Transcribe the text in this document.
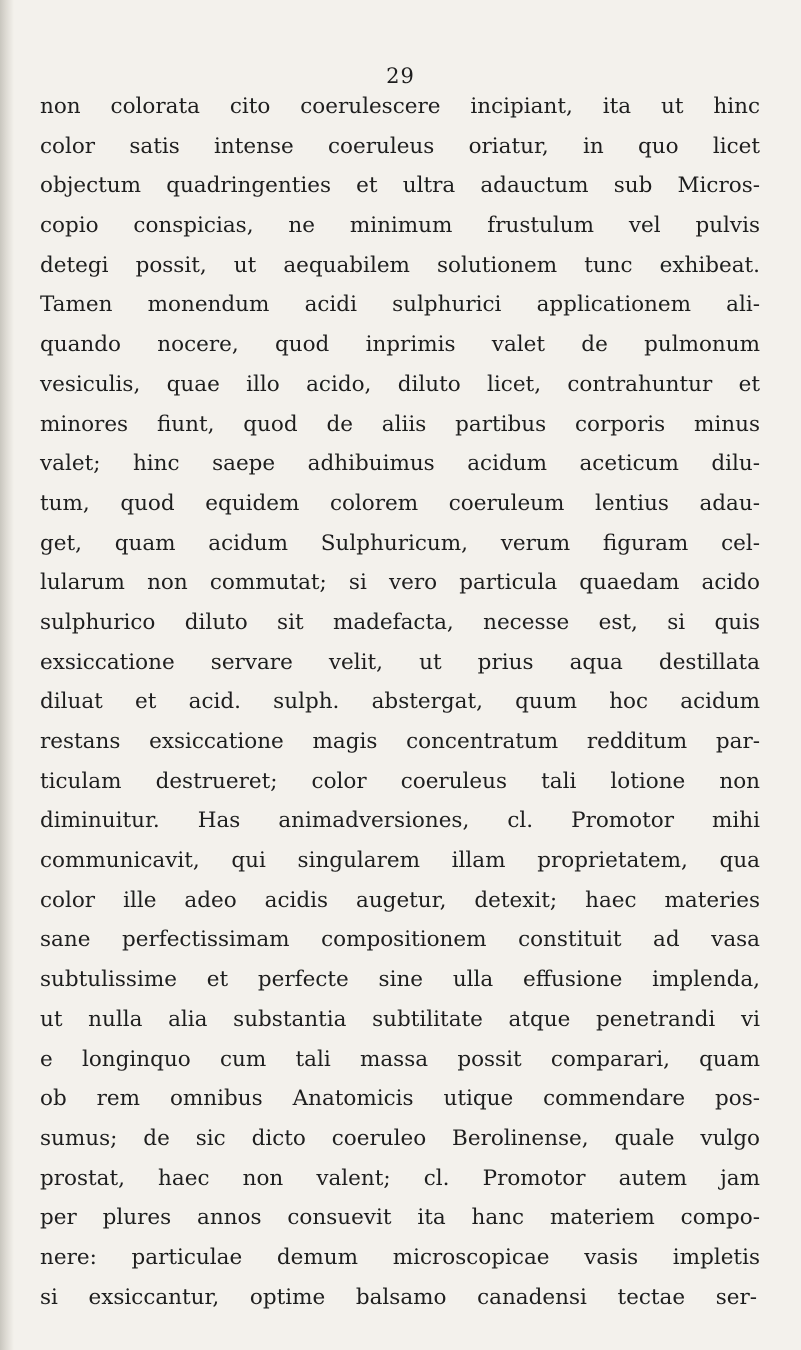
29
non colorata cito coerulescere incipiant, ita ut hinc
color satis intense coeruleus oriatur, in quo licet
objectum quadringenties et ultra adauctum sub Micros-
copio conspicias, ne minimum frustulum vel pulvis
detegi possit, ut aequabilem solutionem tunc exhibeat.
Tamen monendum acidi sulphurici applicationem ali-
quando nocere, quod inprimis valet de pulmonum
vesiculis, quae illo acido, diluto licet, contrahuntur et
minores fiunt, quod de aliis partibus corporis minus
valet; hinc saepe adhibuimus acidum aceticum dilu-
tum, quod equidem colorem coeruleum lentius adau-
get, quam acidum Sulphuricum, verum figuram cel-
lularum non commutat; si vero particula quaedam acido
sulphurico diluto sit madefacta, necesse est, si quis
exsiccatione servare velit, ut prius aqua destillata
diluat et acid. sulph. abstergat, quum hoc acidum
restans exsiccatione magis concentratum redditum par-
ticulam destrueret; color coeruleus tali lotione non
diminuitur. Has animadversiones, cl. Promotor mihi
communicavit, qui singularem illam proprietatem, qua
color ille adeo acidis augetur, detexit; haec materies
sane perfectissimam compositionem constituit ad vasa
subtulissime et perfecte sine ulla effusione implenda,
ut nulla alia substantia subtilitate atque penetrandi vi
e longinquo cum tali massa possit comparari, quam
ob rem omnibus Anatomicis utique commendare pos-
sumus; de sic dicto coeruleo Berolinense, quale vulgo
prostat, haec non valent; cl. Promotor autem jam
per plures annos consuevit ita hanc materiem compo-
nere: particulae demum microscopicae vasis impletis
si exsiccantur, optime balsamo canadensi tectae ser-
